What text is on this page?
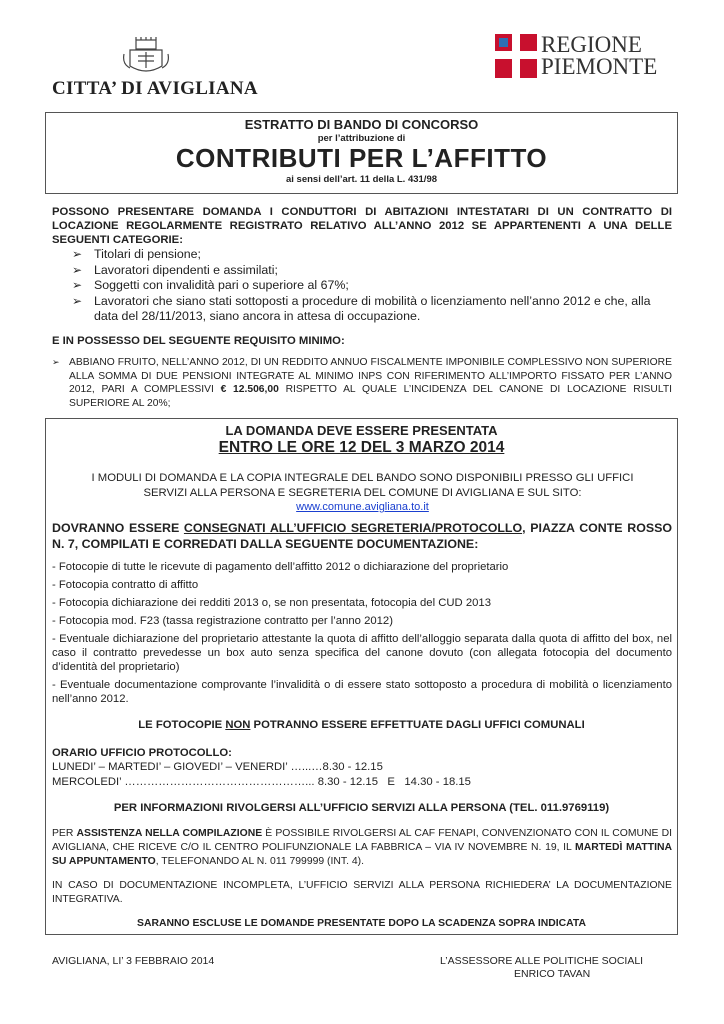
CITTA’ DI AVIGLIANA
REGIONE
PIEMONTE
ESTRATTO DI BANDO DI CONCORSO
per l’attribuzione di
CONTRIBUTI PER L’AFFITTO
ai sensi dell’art. 11 della L. 431/98
POSSONO PRESENTARE DOMANDA I CONDUTTORI DI ABITAZIONI INTESTATARI DI UN CONTRATTO DI LOCAZIONE REGOLARMENTE REGISTRATO RELATIVO ALL’ANNO 2012 SE APPARTENENTI A UNA DELLE SEGUENTI CATEGORIE:
➢ Titolari di pensione;
➢ Lavoratori dipendenti e assimilati;
➢ Soggetti con invalidità pari o superiore al 67%;
➢ Lavoratori che siano stati sottoposti a procedure di mobilità o licenziamento nell’anno 2012 e che, alla data del 28/11/2013, siano ancora in attesa di occupazione.
E IN POSSESSO DEL SEGUENTE REQUISITO MINIMO:
➢ ABBIANO FRUITO, NELL’ANNO 2012, DI UN REDDITO ANNUO FISCALMENTE IMPONIBILE COMPLESSIVO NON SUPERIORE ALLA SOMMA DI DUE PENSIONI INTEGRATE AL MINIMO INPS CON RIFERIMENTO ALL’IMPORTO FISSATO PER L’ANNO 2012, PARI A COMPLESSIVI € 12.506,00 RISPETTO AL QUALE L’INCIDENZA DEL CANONE DI LOCAZIONE RISULTI SUPERIORE AL 20%;
LA DOMANDA DEVE ESSERE PRESENTATA
ENTRO LE ORE 12 DEL 3 MARZO 2014
I MODULI DI DOMANDA E LA COPIA INTEGRALE DEL BANDO SONO DISPONIBILI PRESSO GLI UFFICI SERVIZI ALLA PERSONA E SEGRETERIA DEL COMUNE DI AVIGLIANA E SUL SITO:
www.comune.avigliana.to.it
DOVRANNO ESSERE CONSEGNATI ALL’UFFICIO SEGRETERIA/PROTOCOLLO, PIAZZA CONTE ROSSO N. 7, COMPILATI E CORREDATI DALLA SEGUENTE DOCUMENTAZIONE:
- Fotocopie di tutte le ricevute di pagamento dell’affitto 2012 o dichiarazione del proprietario
- Fotocopia contratto di affitto
- Fotocopia dichiarazione dei redditi 2013 o, se non presentata, fotocopia del CUD 2013
- Fotocopia mod. F23 (tassa registrazione contratto per l’anno 2012)
- Eventuale dichiarazione del proprietario attestante la quota di affitto dell’alloggio separata dalla quota di affitto del box, nel caso il contratto prevedesse un box auto senza specifica del canone dovuto (con allegata fotocopia del documento d’identità del proprietario)
- Eventuale documentazione comprovante l’invalidità o di essere stato sottoposto a procedura di mobilità o licenziamento nell’anno 2012.
LE FOTOCOPIE NON POTRANNO ESSERE EFFETTUATE DAGLI UFFICI COMUNALI
ORARIO UFFICIO PROTOCOLLO:
LUNEDI’ – MARTEDI’ – GIOVEDI’ – VENERDI’ …...…8.30 - 12.15
MERCOLEDI’ …………………………………………... 8.30 - 12.15 E 14.30 - 18.15
PER INFORMAZIONI RIVOLGERSI ALL’UFFICIO SERVIZI ALLA PERSONA (TEL. 011.9769119)
PER ASSISTENZA NELLA COMPILAZIONE È POSSIBILE RIVOLGERSI AL CAF FENAPI, CONVENZIONATO CON IL COMUNE DI AVIGLIANA, CHE RICEVE C/O IL CENTRO POLIFUNZIONALE LA FABBRICA – VIA IV NOVEMBRE N. 19, IL MARTEDÌ MATTINA SU APPUNTAMENTO, TELEFONANDO AL N. 011 799999 (INT. 4).
IN CASO DI DOCUMENTAZIONE INCOMPLETA, L’UFFICIO SERVIZI ALLA PERSONA RICHIEDERA’ LA DOCUMENTAZIONE INTEGRATIVA.
SARANNO ESCLUSE LE DOMANDE PRESENTATE DOPO LA SCADENZA SOPRA INDICATA
AVIGLIANA, LI’ 3 FEBBRAIO 2014	L’ASSESSORE ALLE POLITICHE SOCIALI
ENRICO TAVAN
